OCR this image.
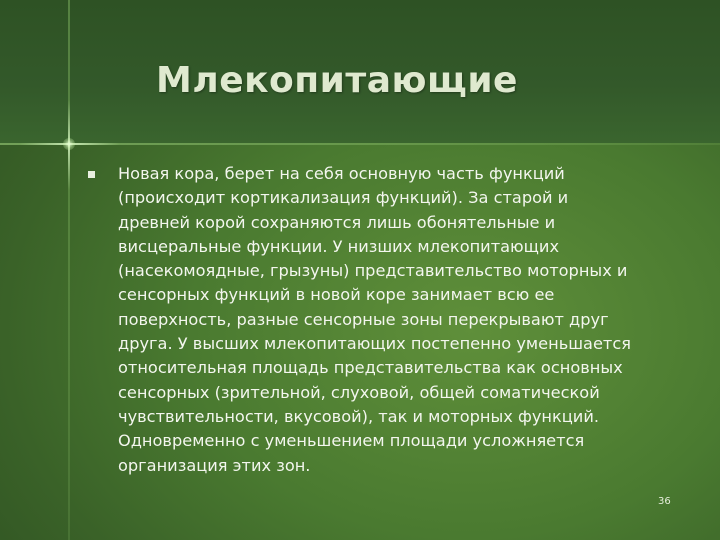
Млекопитающие
Новая кора, берет на себя основную часть функций
(происходит кортикализация функций). За старой и
древней корой сохраняются лишь обонятельные и
висцеральные функции. У низших млекопитающих
(насекомоядные, грызуны) представительство моторных и
сенсорных функций в новой коре занимает всю ее
поверхность, разные сенсорные зоны перекрывают друг
друга. У высших млекопитающих постепенно уменьшается
относительная площадь представительства как основных
сенсорных (зрительной, слуховой, общей соматической
чувствительности, вкусовой), так и моторных функций.
Одновременно с уменьшением площади усложняется
организация этих зон.
36
